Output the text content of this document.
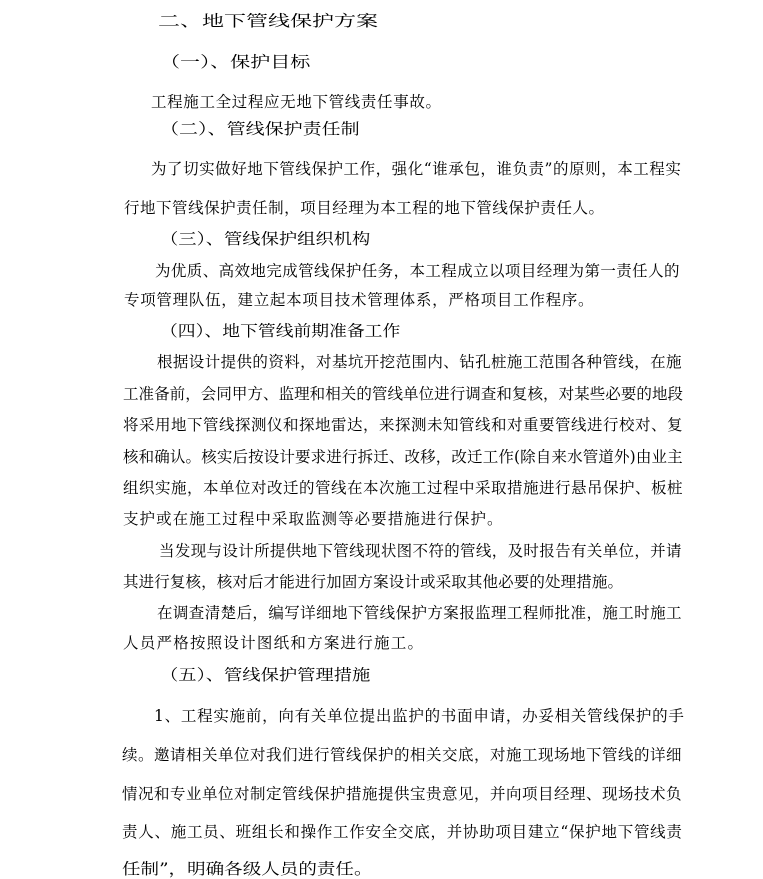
二、地下管线保护方案
（一）、保护目标
工程施工全过程应无地下管线责任事故。
（二）、管线保护责任制
为了切实做好地下管线保护工作，强化“谁承包，谁负责”的原则，本工程实
行地下管线保护责任制，项目经理为本工程的地下管线保护责任人。
（三）、管线保护组织机构
为优质、高效地完成管线保护任务，本工程成立以项目经理为第一责任人的
专项管理队伍，建立起本项目技术管理体系，严格项目工作程序。
（四）、地下管线前期准备工作
根据设计提供的资料，对基坑开挖范围内、钻孔桩施工范围各种管线，在施
工准备前，会同甲方、监理和相关的管线单位进行调查和复核，对某些必要的地段
将采用地下管线探测仪和探地雷达，来探测未知管线和对重要管线进行校对、复
核和确认。核实后按设计要求进行拆迁、改移，改迁工作(除自来水管道外)由业主
组织实施，本单位对改迁的管线在本次施工过程中采取措施进行悬吊保护、板桩
支护或在施工过程中采取监测等必要措施进行保护。
当发现与设计所提供地下管线现状图不符的管线，及时报告有关单位，并请
其进行复核，核对后才能进行加固方案设计或采取其他必要的处理措施。
在调查清楚后，编写详细地下管线保护方案报监理工程师批准，施工时施工
人员严格按照设计图纸和方案进行施工。
（五）、管线保护管理措施
1、工程实施前，向有关单位提出监护的书面申请，办妥相关管线保护的手
续。邀请相关单位对我们进行管线保护的相关交底，对施工现场地下管线的详细
情况和专业单位对制定管线保护措施提供宝贵意见，并向项目经理、现场技术负
责人、施工员、班组长和操作工作安全交底，并协助项目建立“保护地下管线责
任制”，明确各级人员的责任。
